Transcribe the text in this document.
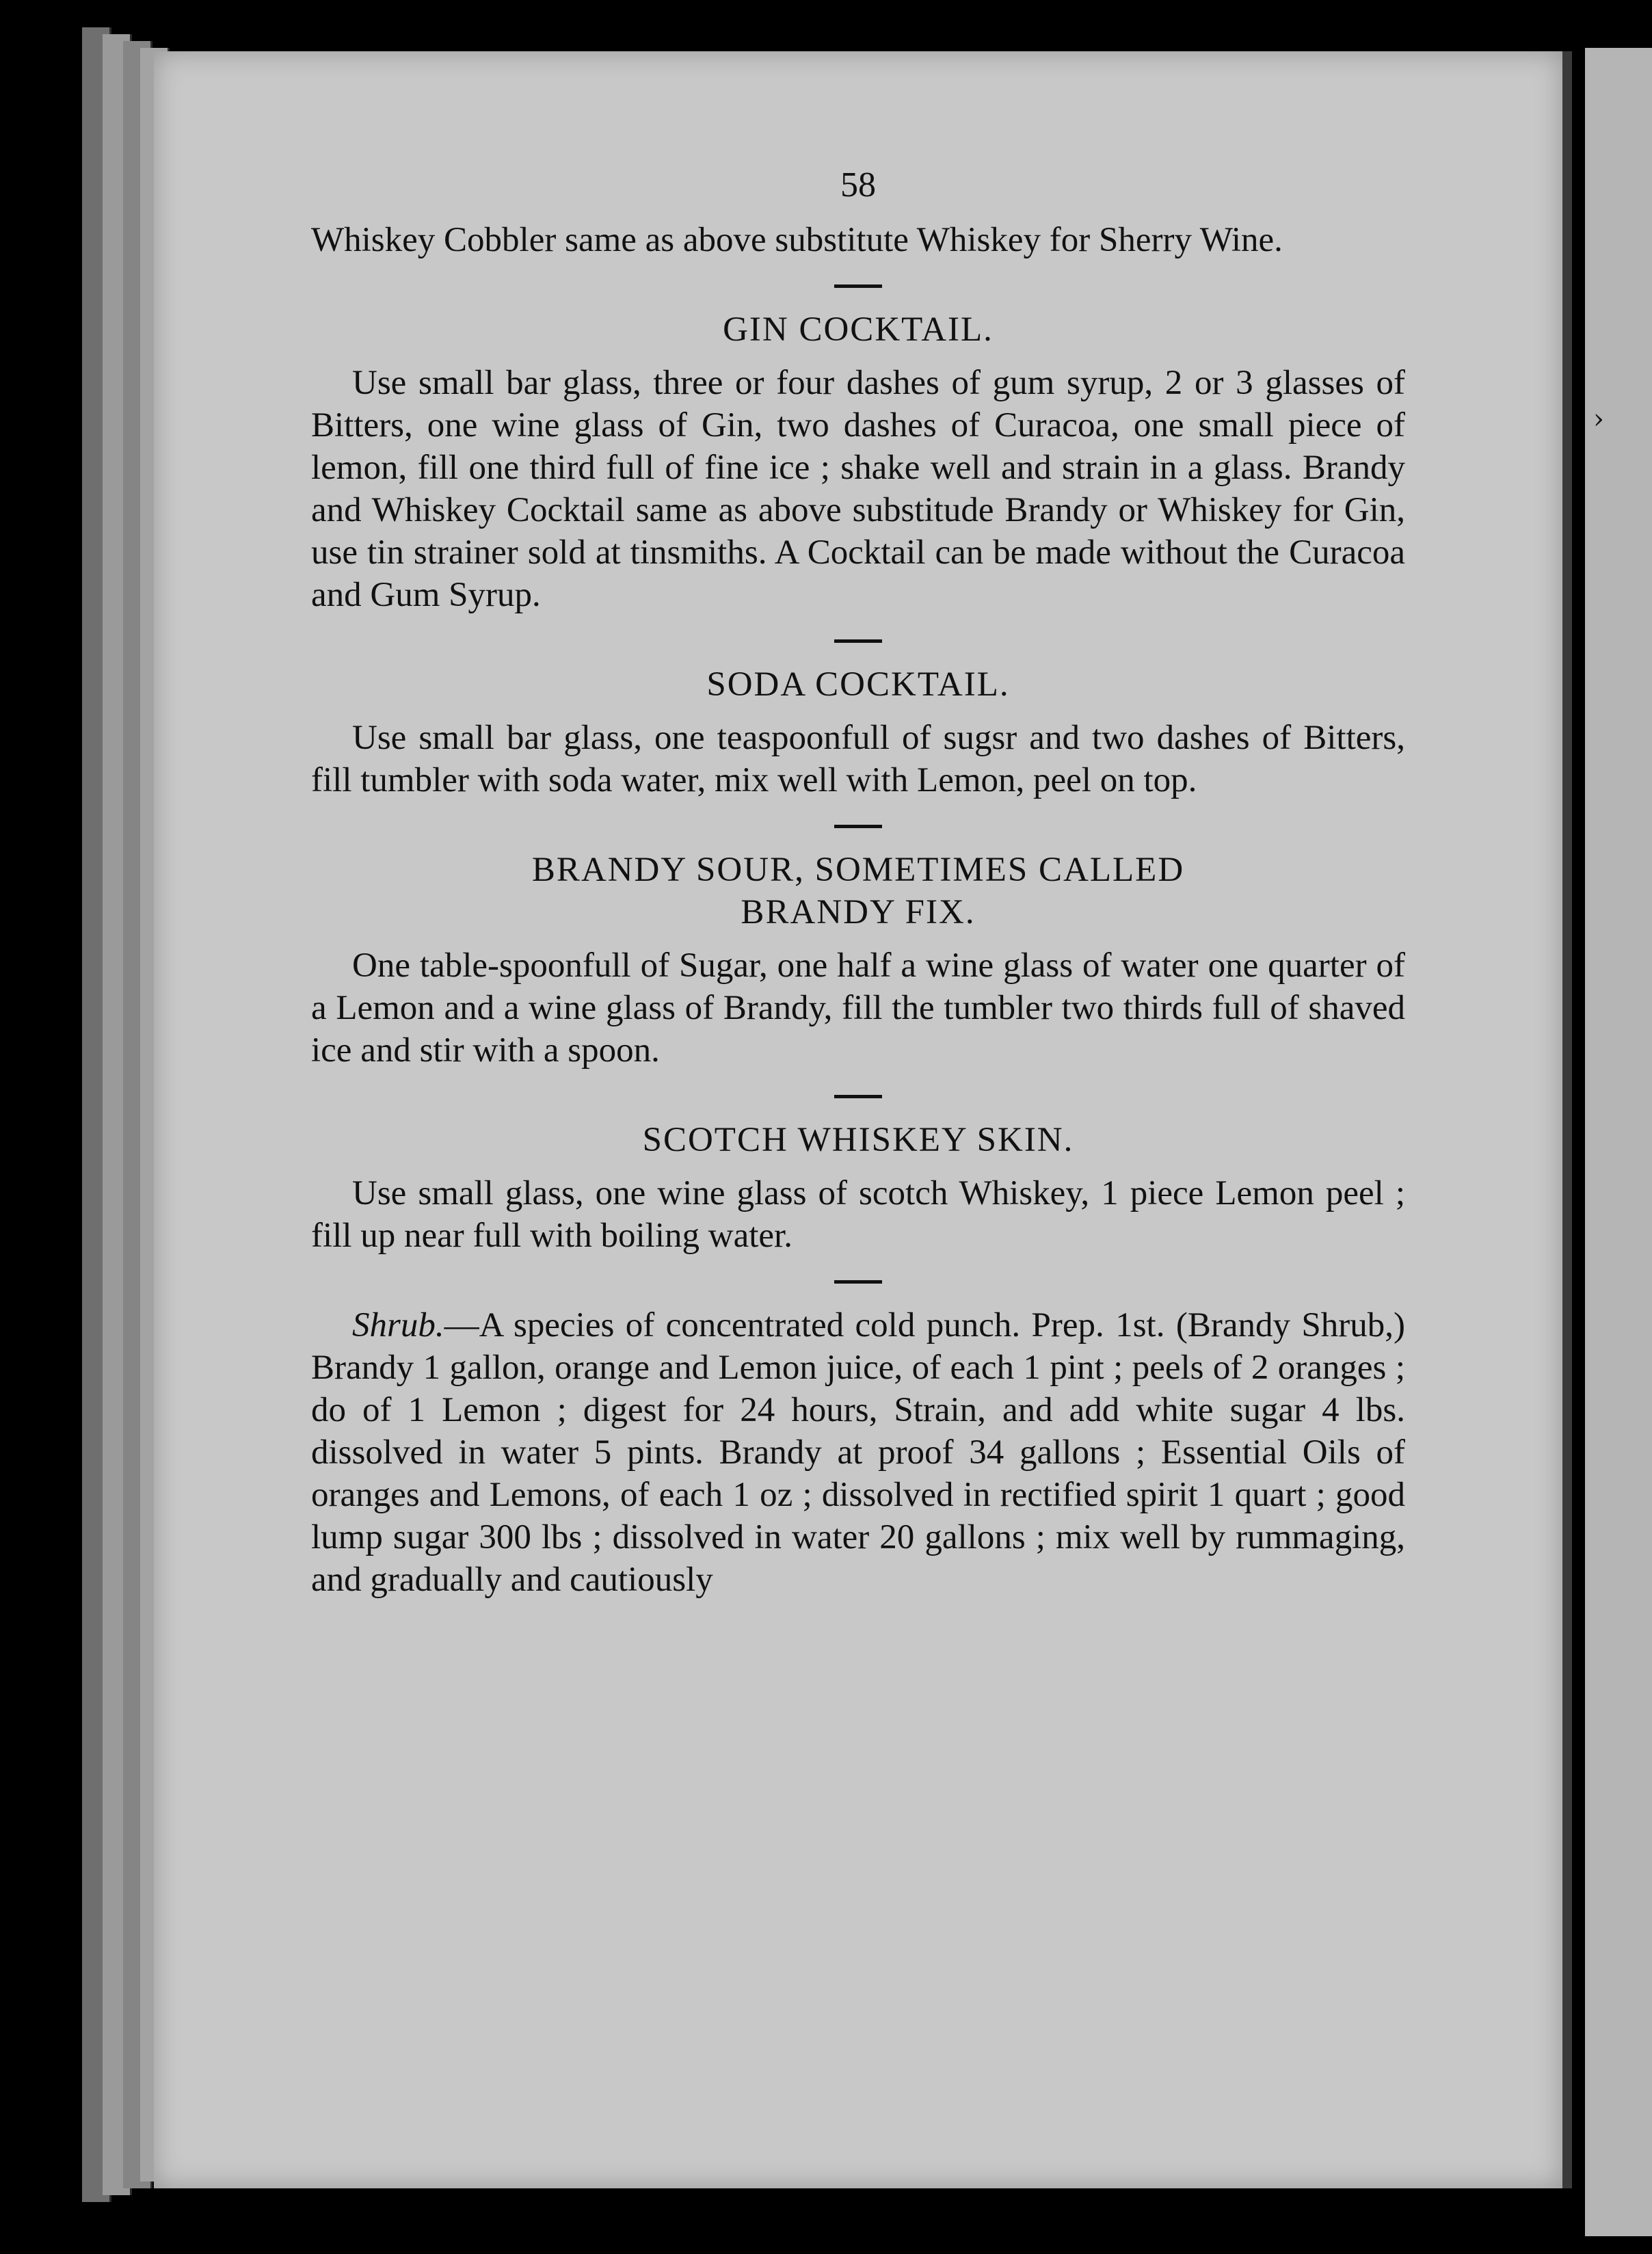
›
58

Whiskey Cobbler same as above substitute Whiskey for Sherry Wine.

GIN COCKTAIL.

Use small bar glass, three or four dashes of gum syrup, 2 or 3 glasses of Bitters, one wine glass of Gin, two dashes of Curacoa, one small piece of lemon, fill one third full of fine ice ; shake well and strain in a glass. Brandy and Whiskey Cocktail same as above substitude Brandy or Whiskey for Gin, use tin strainer sold at tinsmiths. A Cocktail can be made without the Curacoa and Gum Syrup.

SODA COCKTAIL.

Use small bar glass, one teaspoonfull of sugsr and two dashes of Bitters, fill tumbler with soda water, mix well with Lemon, peel on top.

BRANDY SOUR, SOMETIMES CALLED
BRANDY FIX.

One table-spoonfull of Sugar, one half a wine glass of water one quarter of a Lemon and a wine glass of Brandy, fill the tumbler two thirds full of shaved ice and stir with a spoon.

SCOTCH WHISKEY SKIN.

Use small glass, one wine glass of scotch Whiskey, 1 piece Lemon peel ; fill up near full with boiling water.

Shrub.—A species of concentrated cold punch. Prep. 1st. (Brandy Shrub,) Brandy 1 gallon, orange and Lemon juice, of each 1 pint ; peels of 2 oranges ; do of 1 Lemon ; digest for 24 hours, Strain, and add white sugar 4 lbs. dissolved in water 5 pints. Brandy at proof 34 gallons ; Essential Oils of oranges and Lemons, of each 1 oz ; dissolved in rectified spirit 1 quart ; good lump sugar 300 lbs ; dissolved in water 20 gallons ; mix well by rummaging, and gradually and cautiously
